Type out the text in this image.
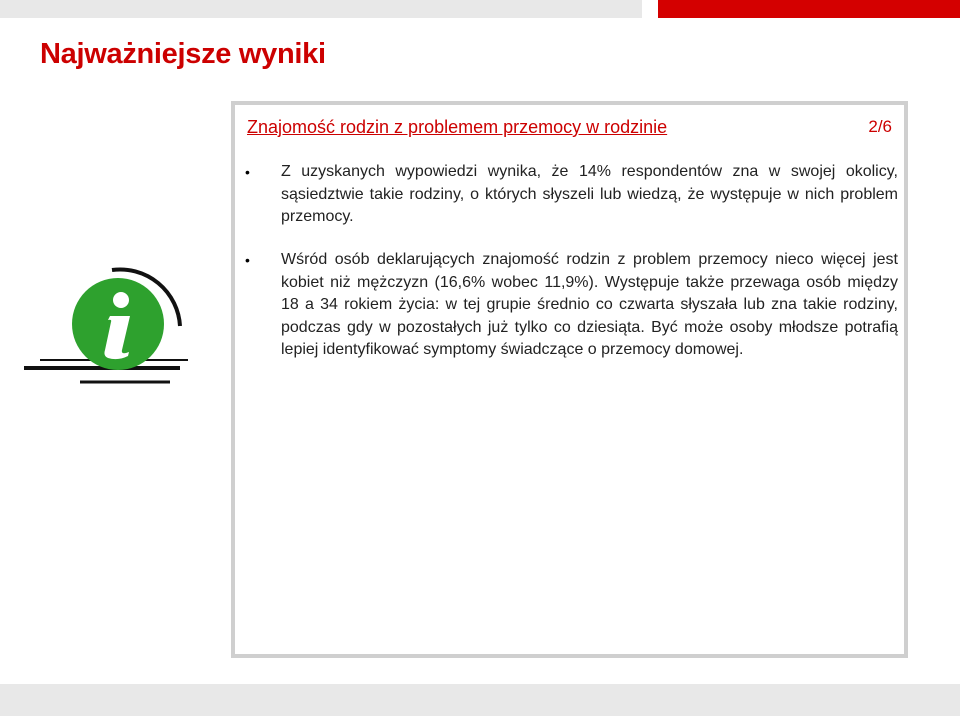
Najważniejsze wyniki
Znajomość rodzin z problemem przemocy w rodzinie	2/6
• Z uzyskanych wypowiedzi wynika, że 14% respondentów zna w swojej okolicy, sąsiedztwie takie rodziny, o których słyszeli lub wiedzą, że występuje w nich problem przemocy.
• Wśród osób deklarujących znajomość rodzin z problem przemocy nieco więcej jest kobiet niż mężczyzn (16,6% wobec 11,9%). Występuje także przewaga osób między 18 a 34 rokiem życia: w tej grupie średnio co czwarta słyszała lub zna takie rodziny, podczas gdy w pozostałych już tylko co dziesiąta. Być może osoby młodsze potrafią lepiej identyfikować symptomy świadczące o przemocy domowej.
